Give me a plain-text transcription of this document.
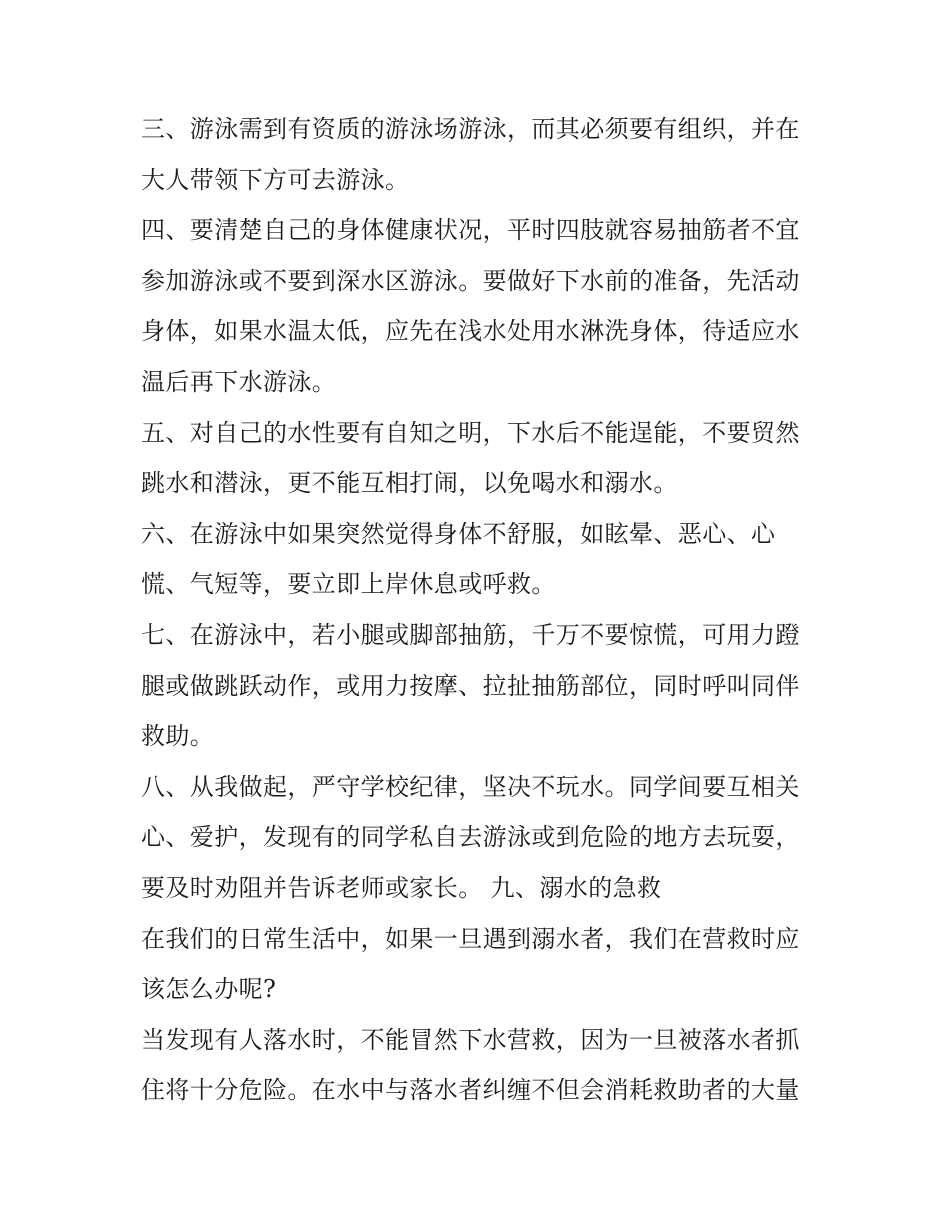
三、游泳需到有资质的游泳场游泳，而其必须要有组织，并在
大人带领下方可去游泳。
四、要清楚自己的身体健康状况，平时四肢就容易抽筋者不宜
参加游泳或不要到深水区游泳。要做好下水前的准备，先活动
身体，如果水温太低，应先在浅水处用水淋洗身体，待适应水
温后再下水游泳。
五、对自己的水性要有自知之明，下水后不能逞能，不要贸然
跳水和潜泳，更不能互相打闹，以免喝水和溺水。
六、在游泳中如果突然觉得身体不舒服，如眩晕、恶心、心
慌、气短等，要立即上岸休息或呼救。
七、在游泳中，若小腿或脚部抽筋，千万不要惊慌，可用力蹬
腿或做跳跃动作，或用力按摩、拉扯抽筋部位，同时呼叫同伴
救助。
八、从我做起，严守学校纪律，坚决不玩水。同学间要互相关
心、爱护，发现有的同学私自去游泳或到危险的地方去玩耍，
要及时劝阻并告诉老师或家长。 九、溺水的急救
在我们的日常生活中，如果一旦遇到溺水者，我们在营救时应
该怎么办呢?
当发现有人落水时，不能冒然下水营救，因为一旦被落水者抓
住将十分危险。在水中与落水者纠缠不但会消耗救助者的大量
